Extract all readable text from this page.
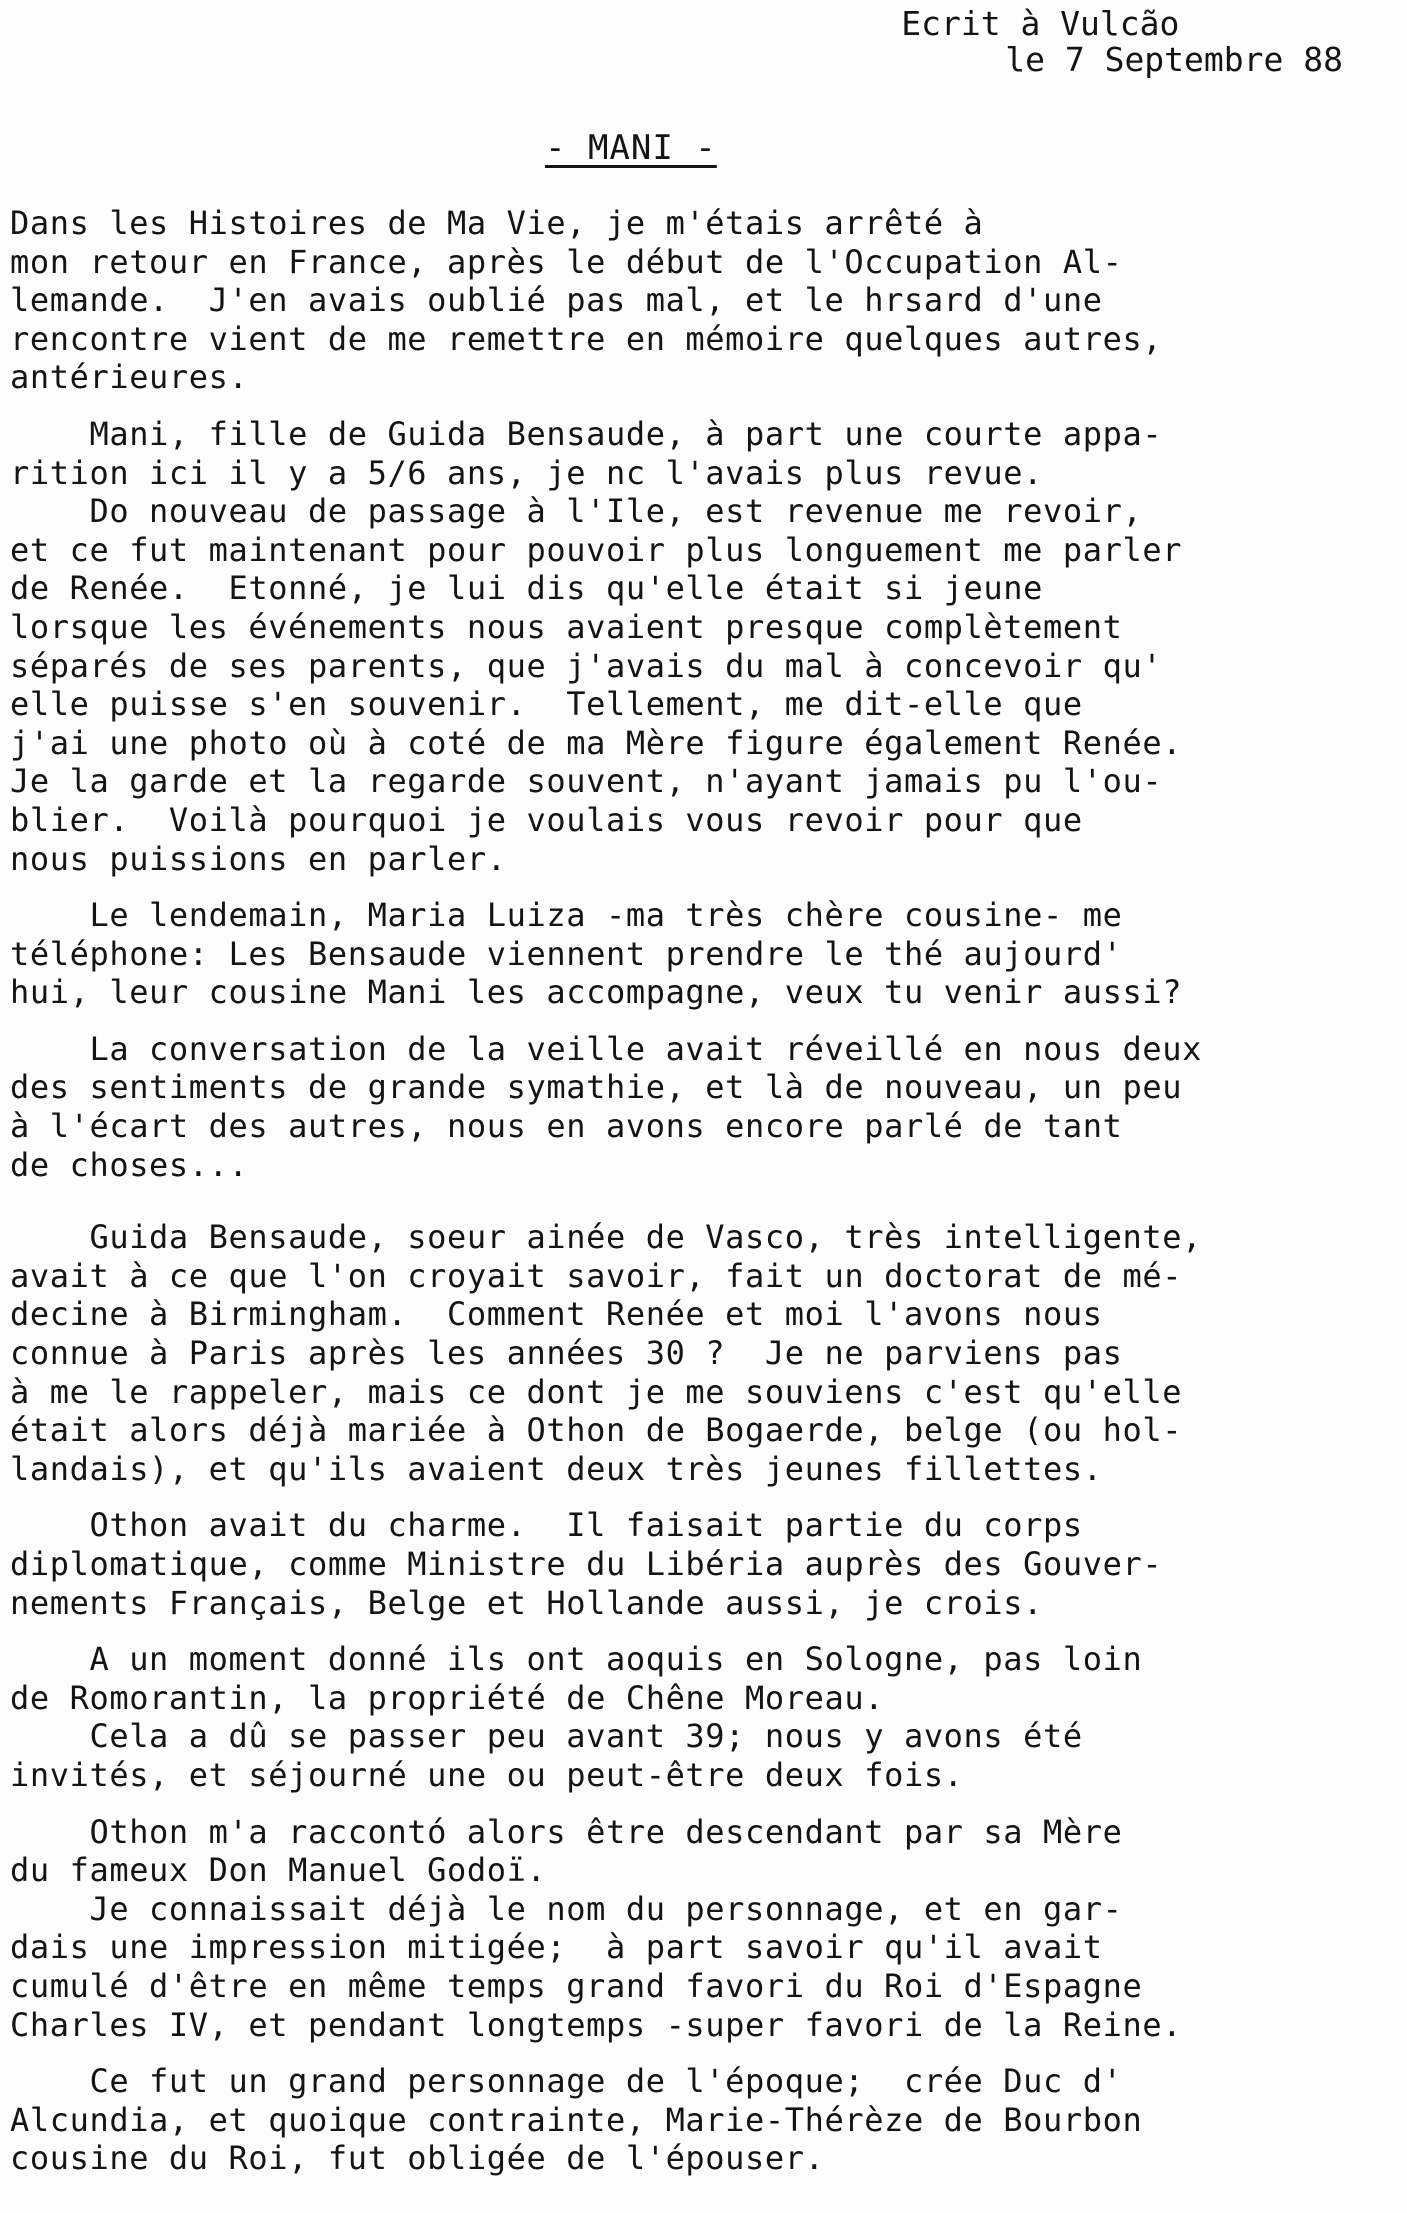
Ecrit à Vulcão
le 7 Septembre 88
- MANI -
Dans les Histoires de Ma Vie, je m'étais arrêté à
mon retour en France, après le début de l'Occupation Al-
lemande.  J'en avais oublié pas mal, et le hrsard d'une
rencontre vient de me remettre en mémoire quelques autres,
antérieures.
Mani, fille de Guida Bensaude, à part une courte appa-
rition ici il y a 5/6 ans, je nc l'avais plus revue.
Do nouveau de passage à l'Ile, est revenue me revoir,
et ce fut maintenant pour pouvoir plus longuement me parler
de Renée.  Etonné, je lui dis qu'elle était si jeune
lorsque les événements nous avaient presque complètement
séparés de ses parents, que j'avais du mal à concevoir qu'
elle puisse s'en souvenir.  Tellement, me dit-elle que
j'ai une photo où à coté de ma Mère figure également Renée.
Je la garde et la regarde souvent, n'ayant jamais pu l'ou-
blier.  Voilà pourquoi je voulais vous revoir pour que
nous puissions en parler.
Le lendemain, Maria Luiza -ma très chère cousine- me
téléphone: Les Bensaude viennent prendre le thé aujourd'
hui, leur cousine Mani les accompagne, veux tu venir aussi?
La conversation de la veille avait réveillé en nous deux
des sentiments de grande symathie, et là de nouveau, un peu
à l'écart des autres, nous en avons encore parlé de tant
de choses...
Guida Bensaude, soeur ainée de Vasco, très intelligente,
avait à ce que l'on croyait savoir, fait un doctorat de mé-
decine à Birmingham.  Comment Renée et moi l'avons nous
connue à Paris après les années 30 ?  Je ne parviens pas
à me le rappeler, mais ce dont je me souviens c'est qu'elle
était alors déjà mariée à Othon de Bogaerde, belge (ou hol-
landais), et qu'ils avaient deux très jeunes fillettes.
Othon avait du charme.  Il faisait partie du corps
diplomatique, comme Ministre du Libéria auprès des Gouver-
nements Français, Belge et Hollande aussi, je crois.
A un moment donné ils ont aoquis en Sologne, pas loin
de Romorantin, la propriété de Chêne Moreau.
Cela a dû se passer peu avant 39; nous y avons été
invités, et séjourné une ou peut-être deux fois.
Othon m'a raccontó alors être descendant par sa Mère
du fameux Don Manuel Godoï.
Je connaissait déjà le nom du personnage, et en gar-
dais une impression mitigée;  à part savoir qu'il avait
cumulé d'être en même temps grand favori du Roi d'Espagne
Charles IV, et pendant longtemps -super favori de la Reine.
Ce fut un grand personnage de l'époque;  crée Duc d'
Alcundia, et quoique contrainte, Marie-Thérèze de Bourbon
cousine du Roi, fut obligée de l'épouser.
